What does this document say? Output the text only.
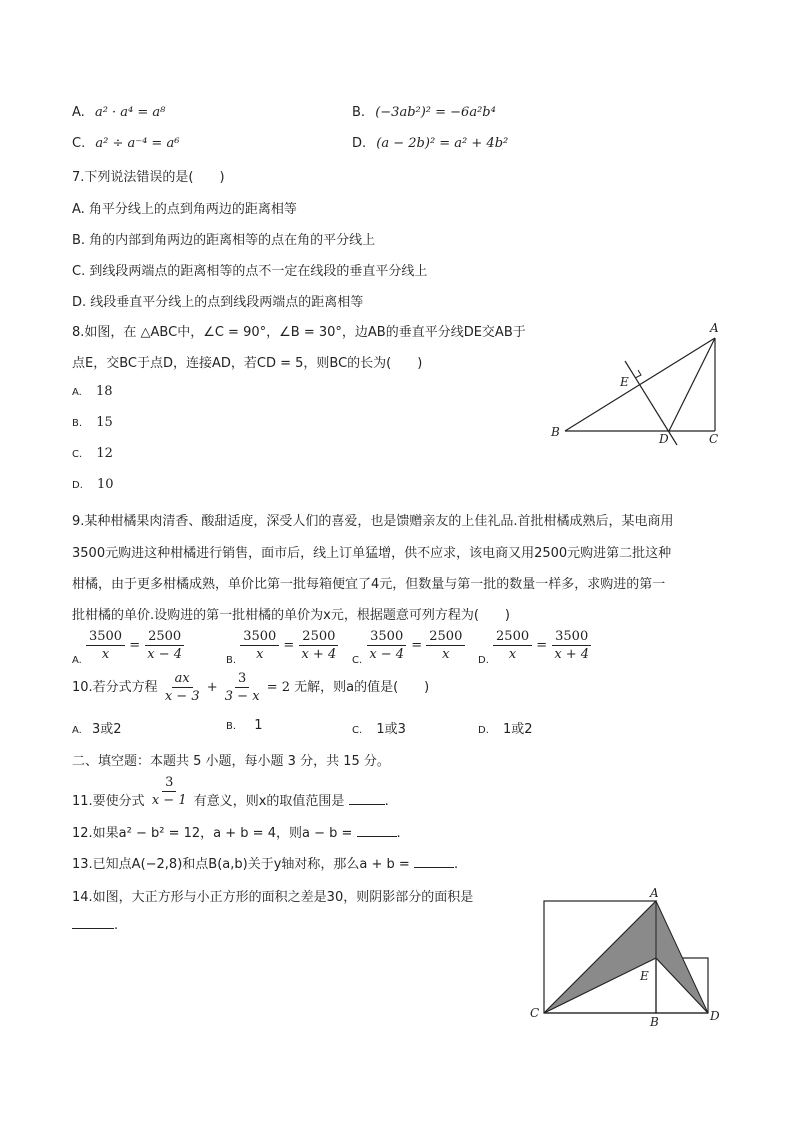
A. a² · a⁴ = a⁸	B. (−3ab²)² = −6a²b⁴
C. a² ÷ a⁻⁴ = a⁶	D. (a − 2b)² = a² + 4b²
7.下列说法错误的是(　　)
A. 角平分线上的点到角两边的距离相等
B. 角的内部到角两边的距离相等的点在角的平分线上
C. 到线段两端点的距离相等的点不一定在线段的垂直平分线上
D. 线段垂直平分线上的点到线段两端点的距离相等
8.如图，在 △ABC中，∠C = 90°，∠B = 30°，边AB的垂直平分线DE交AB于
点E，交BC于点D，连接AD，若CD = 5，则BC的长为(　　)
A. 18
B. 15
C. 12
D. 10
A
B	C
D
E
9.某种柑橘果肉清香、酸甜适度，深受人们的喜爱，也是馈赠亲友的上佳礼品.首批柑橘成熟后，某电商用
3500元购进这种柑橘进行销售，面市后，线上订单猛增，供不应求，该电商又用2500元购进第二批这种
柑橘，由于更多柑橘成熟，单价比第一批每箱便宜了4元，但数量与第一批的数量一样多，求购进的第一
批柑橘的单价.设购进的第一批柑橘的单价为x元，根据题意可列方程为(　　)
$_{A.} \frac{3500}{x} = \frac{2500}{x - 4}$	$_{B.} \frac{3500}{x} = \frac{2500}{x + 4} _{C.} \frac{3500}{x - 4} = \frac{2500}{x} _{D.} \frac{2500}{x} = \frac{3500}{x + 4}$
10.若分式方程 $\frac{ax}{x - 3} + \frac{3}{3 - x} = 2$ 无解，则a的值是(　　)
A. 3或2	B. 1	C. 1或3	D. 1或2
二、填空题：本题共 5 小题，每小题 3 分，共 15 分。
11.要使分式 $\frac{3}{x - 1}$ 有意义，则x的取值范围是	.
12.如果a² − b² = 12，a + b = 4，则a − b =	.
13.已知点A(−2,8)和点B(a,b)关于y轴对称，那么a + b =	.
14.如图，大正方形与小正方形的面积之差是30，则阴影部分的面积是
.
A
B
C	D
E
